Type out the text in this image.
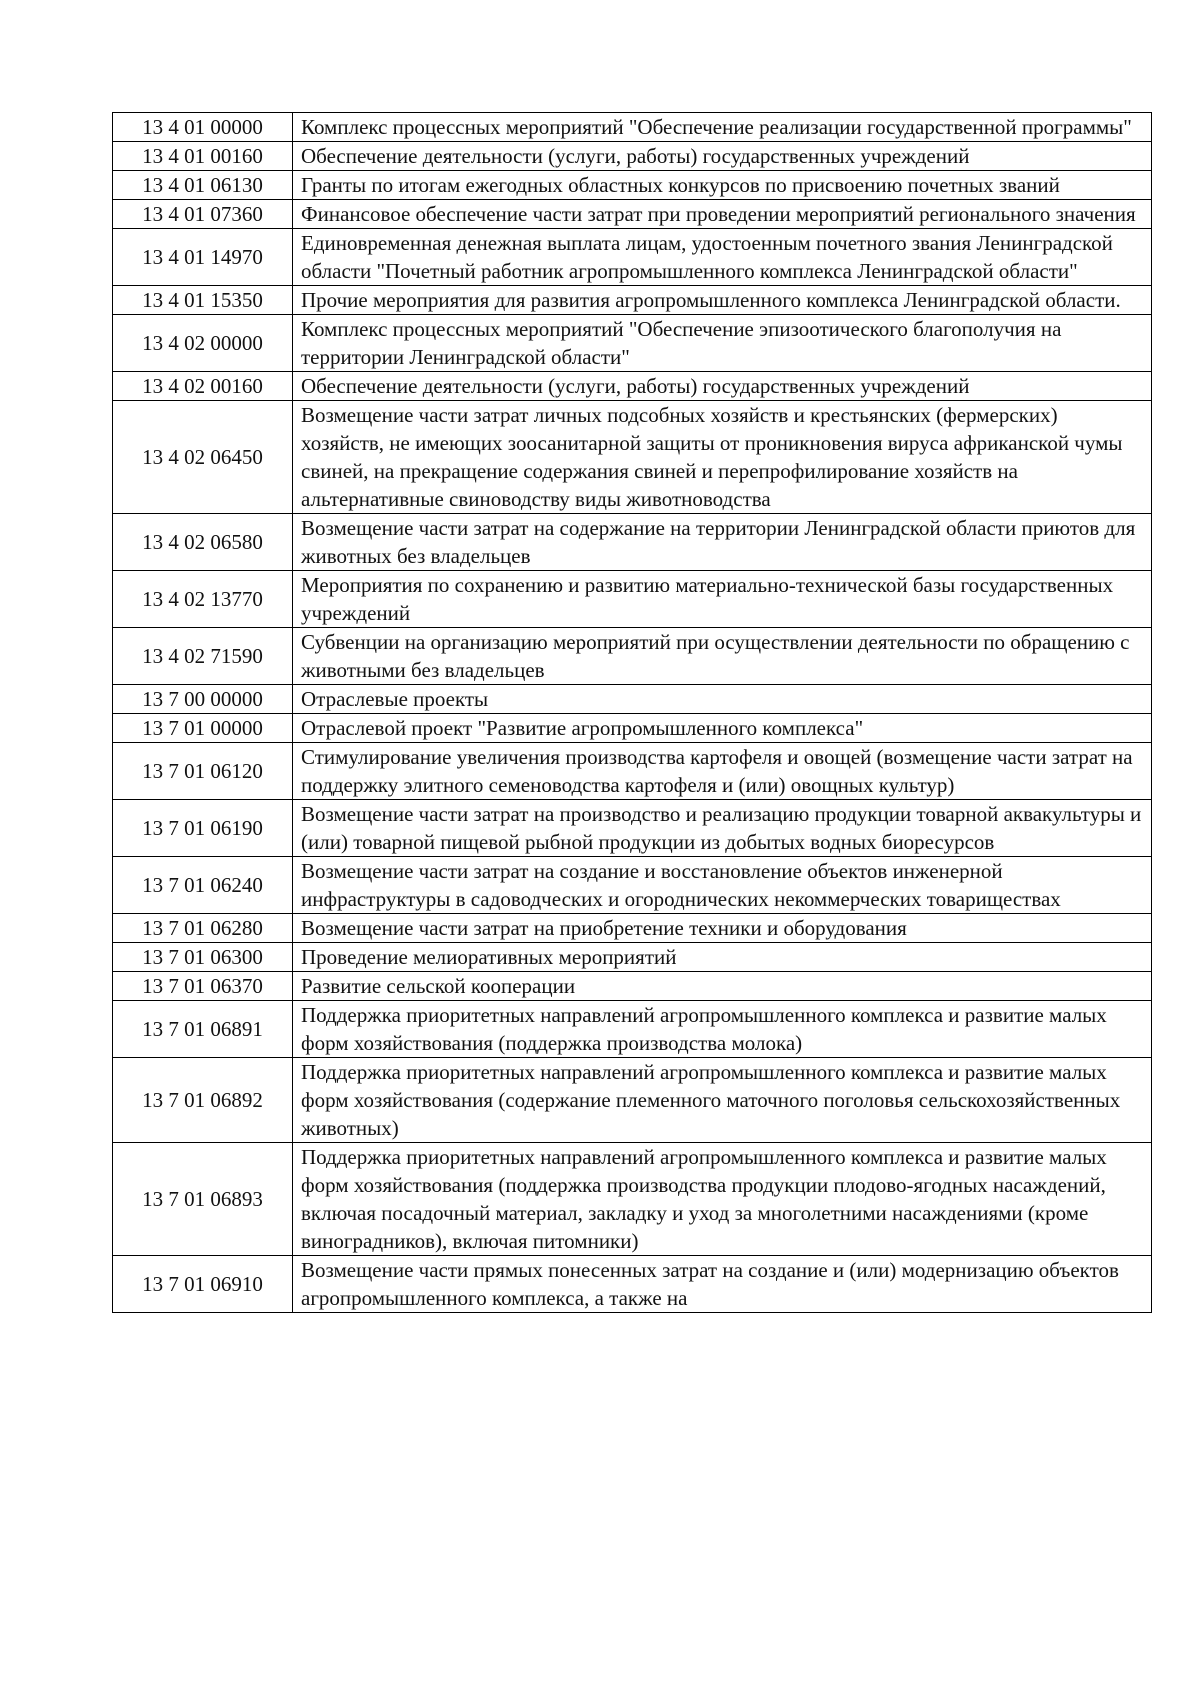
13 4 01 00000	Комплекс процессных мероприятий "Обеспечение реализации государственной программы"
13 4 01 00160	Обеспечение деятельности (услуги, работы) государственных учреждений
13 4 01 06130	Гранты по итогам ежегодных областных конкурсов по присвоению почетных званий
13 4 01 07360	Финансовое обеспечение части затрат при проведении мероприятий регионального значения
13 4 01 14970	Единовременная денежная выплата лицам, удостоенным почетного звания Ленинградской области "Почетный работник агропромышленного комплекса Ленинградской области"
13 4 01 15350	Прочие мероприятия для развития агропромышленного комплекса Ленинградской области.
13 4 02 00000	Комплекс процессных мероприятий "Обеспечение эпизоотического благополучия на территории Ленинградской области"
13 4 02 00160	Обеспечение деятельности (услуги, работы) государственных учреждений
13 4 02 06450	Возмещение части затрат личных подсобных хозяйств и крестьянских (фермерских) хозяйств, не имеющих зоосанитарной защиты от проникновения вируса африканской чумы свиней, на прекращение содержания свиней и перепрофилирование хозяйств на альтернативные свиноводству виды животноводства
13 4 02 06580	Возмещение части затрат на содержание на территории Ленинградской области приютов для животных без владельцев
13 4 02 13770	Мероприятия по сохранению и развитию материально-технической базы государственных учреждений
13 4 02 71590	Субвенции на организацию мероприятий при осуществлении деятельности по обращению с животными без владельцев
13 7 00 00000	Отраслевые проекты
13 7 01 00000	Отраслевой проект "Развитие агропромышленного комплекса"
13 7 01 06120	Стимулирование увеличения производства картофеля и овощей (возмещение части затрат на поддержку элитного семеноводства картофеля и (или) овощных культур)
13 7 01 06190	Возмещение части затрат на производство и реализацию продукции товарной аквакультуры и (или) товарной пищевой рыбной продукции из добытых водных биоресурсов
13 7 01 06240	Возмещение части затрат на создание и восстановление объектов инженерной инфраструктуры в садоводческих и огороднических некоммерческих товариществах
13 7 01 06280	Возмещение части затрат на приобретение техники и оборудования
13 7 01 06300	Проведение мелиоративных мероприятий
13 7 01 06370	Развитие сельской кооперации
13 7 01 06891	Поддержка приоритетных направлений агропромышленного комплекса и развитие малых форм хозяйствования (поддержка производства молока)
13 7 01 06892	Поддержка приоритетных направлений агропромышленного комплекса и развитие малых форм хозяйствования (содержание племенного маточного поголовья сельскохозяйственных животных)
13 7 01 06893	Поддержка приоритетных направлений агропромышленного комплекса и развитие малых форм хозяйствования (поддержка производства продукции плодово-ягодных насаждений, включая посадочный материал, закладку и уход за многолетними насаждениями (кроме виноградников), включая питомники)
13 7 01 06910	Возмещение части прямых понесенных затрат на создание и (или) модернизацию объектов агропромышленного комплекса, а также на
